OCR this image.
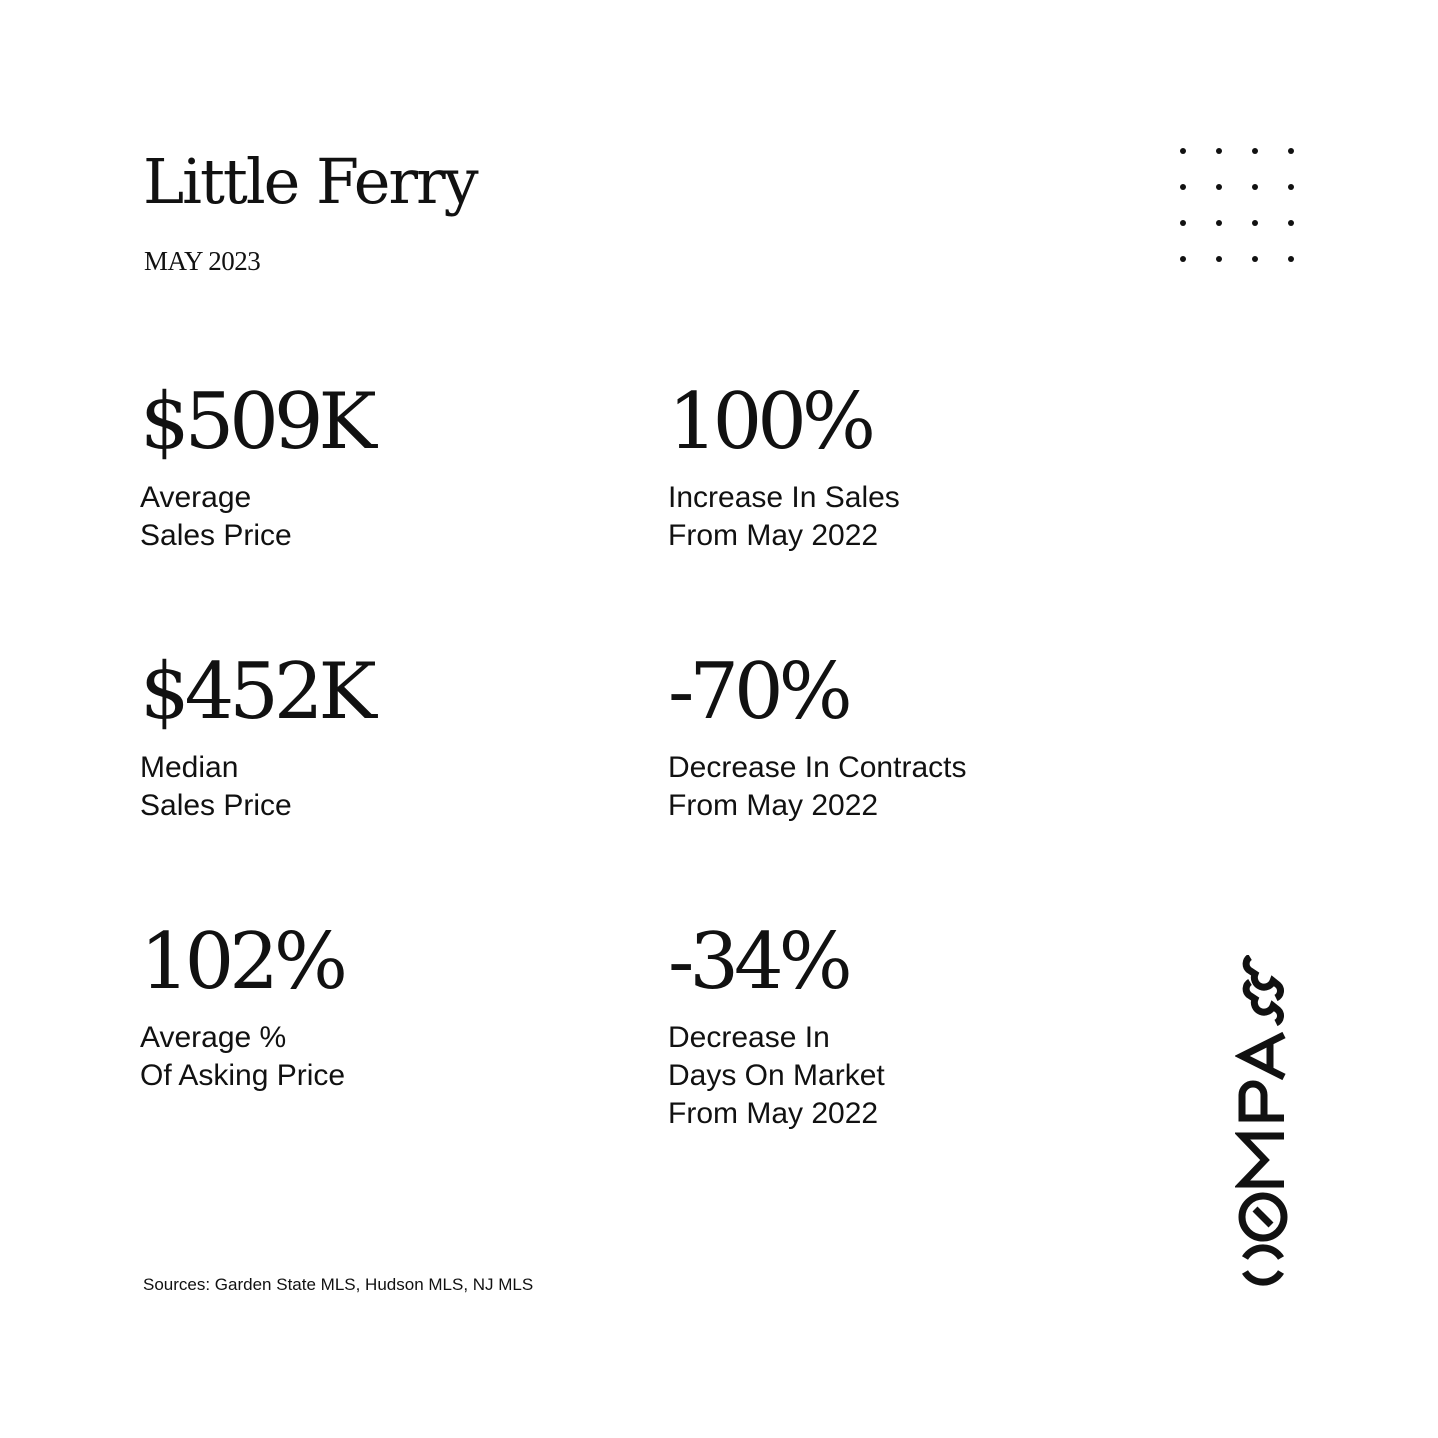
Little Ferry
MAY 2023
$509K
Average
Sales Price
100%
Increase In Sales
From May 2022
$452K
Median
Sales Price
-70%
Decrease In Contracts
From May 2022
102%
Average %
Of Asking Price
-34%
Decrease In
Days On Market
From May 2022
Sources: Garden State MLS, Hudson MLS, NJ MLS
